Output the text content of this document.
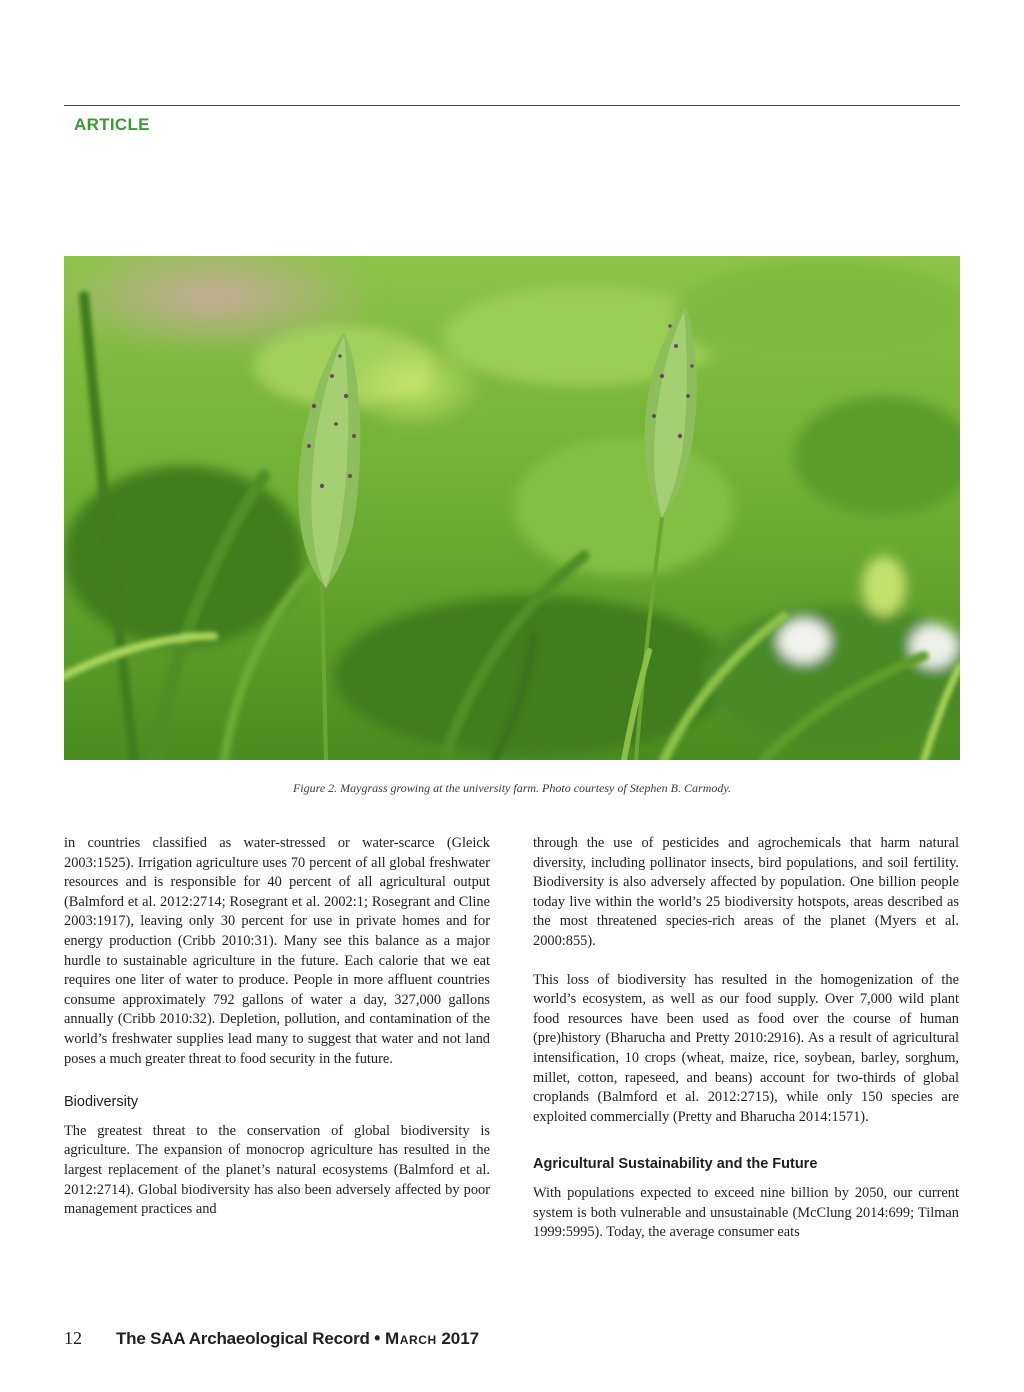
ARTICLE
Figure 2. Maygrass growing at the university farm. Photo courtesy of Stephen B. Carmody.

in countries classified as water-stressed or water-scarce (Gleick 2003:1525). Irrigation agriculture uses 70 percent of all global freshwater resources and is responsible for 40 percent of all agricultural output (Balmford et al. 2012:2714; Rosegrant et al. 2002:1; Rosegrant and Cline 2003:1917), leaving only 30 percent for use in private homes and for energy production (Cribb 2010:31). Many see this balance as a major hurdle to sustainable agriculture in the future. Each calorie that we eat requires one liter of water to produce. People in more affluent countries consume approximately 792 gallons of water a day, 327,000 gallons annually (Cribb 2010:32). Depletion, pollution, and contamination of the world’s freshwater supplies lead many to suggest that water and not land poses a much greater threat to food security in the future.

Biodiversity

The greatest threat to the conservation of global biodiversity is agriculture. The expansion of monocrop agriculture has resulted in the largest replacement of the planet’s natural ecosystems (Balmford et al. 2012:2714). Global biodiversity has also been adversely affected by poor management practices and

through the use of pesticides and agrochemicals that harm natural diversity, including pollinator insects, bird populations, and soil fertility. Biodiversity is also adversely affected by population. One billion people today live within the world’s 25 biodiversity hotspots, areas described as the most threatened species-rich areas of the planet (Myers et al. 2000:855).

This loss of biodiversity has resulted in the homogenization of the world’s ecosystem, as well as our food supply. Over 7,000 wild plant food resources have been used as food over the course of human (pre)history (Bharucha and Pretty 2010:2916). As a result of agricultural intensification, 10 crops (wheat, maize, rice, soybean, barley, sorghum, millet, cotton, rapeseed, and beans) account for two-thirds of global croplands (Balmford et al. 2012:2715), while only 150 species are exploited commercially (Pretty and Bharucha 2014:1571).

Agricultural Sustainability and the Future

With populations expected to exceed nine billion by 2050, our current system is both vulnerable and unsustainable (McClung 2014:699; Tilman 1999:5995). Today, the average consumer eats

12 The SAA Archaeological Record • March 2017
